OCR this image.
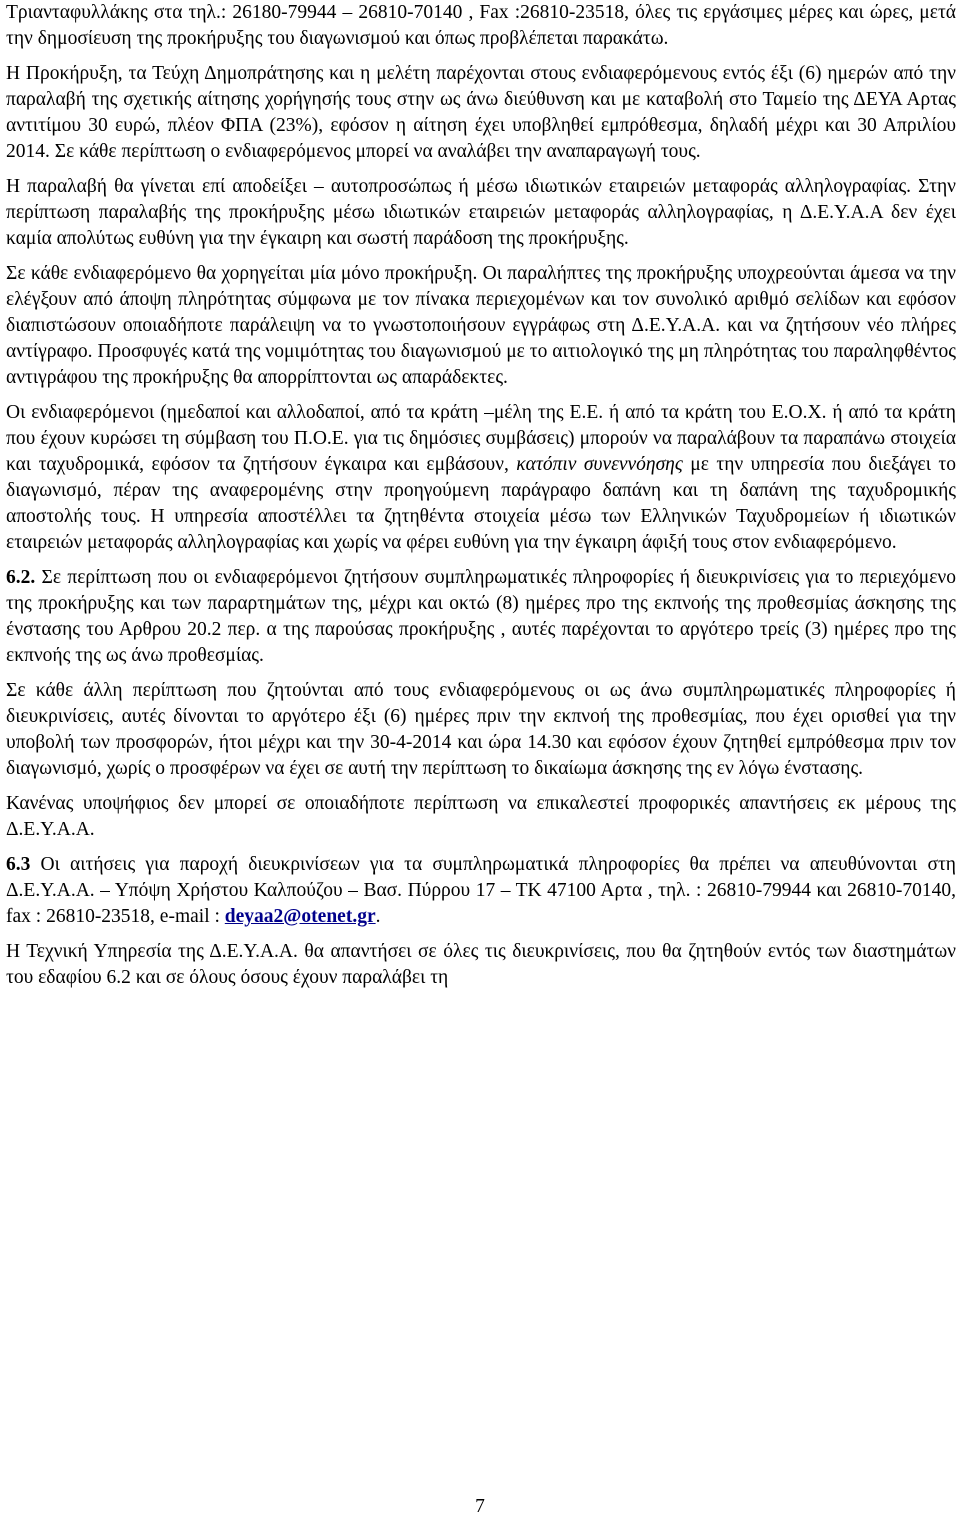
Τριανταφυλλάκης στα τηλ.: 26180-79944 – 26810-70140 , Fax :26810-23518, όλες τις εργάσιμες μέρες και ώρες, μετά την δημοσίευση της προκήρυξης του διαγωνισμού και όπως προβλέπεται παρακάτω.

Η Προκήρυξη, τα Τεύχη Δημοπράτησης και η μελέτη παρέχονται στους ενδιαφερόμενους εντός έξι (6) ημερών από την παραλαβή της σχετικής αίτησης χορήγησής τους στην ως άνω διεύθυνση και με καταβολή στο Ταμείο της ΔΕΥΑ Αρτας αντιτίμου 30 ευρώ, πλέον ΦΠΑ (23%), εφόσον η αίτηση έχει υποβληθεί εμπρόθεσμα, δηλαδή μέχρι και 30 Απριλίου 2014. Σε κάθε περίπτωση ο ενδιαφερόμενος μπορεί να αναλάβει την αναπαραγωγή τους.

Η παραλαβή θα γίνεται επί αποδείξει – αυτοπροσώπως ή μέσω ιδιωτικών εταιρειών μεταφοράς αλληλογραφίας. Στην περίπτωση παραλαβής της προκήρυξης μέσω ιδιωτικών εταιρειών μεταφοράς αλληλογραφίας, η Δ.Ε.Υ.Α.Α δεν έχει καμία απολύτως ευθύνη για την έγκαιρη και σωστή παράδοση της προκήρυξης.

Σε κάθε ενδιαφερόμενο θα χορηγείται μία μόνο προκήρυξη. Οι παραλήπτες της προκήρυξης υποχρεούνται άμεσα να την ελέγξουν από άποψη πληρότητας σύμφωνα με τον πίνακα περιεχομένων και τον συνολικό αριθμό σελίδων και εφόσον διαπιστώσουν οποιαδήποτε παράλειψη να το γνωστοποιήσουν εγγράφως στη Δ.Ε.Υ.Α.Α. και να ζητήσουν νέο πλήρες αντίγραφο. Προσφυγές κατά της νομιμότητας του διαγωνισμού με το αιτιολογικό της μη πληρότητας του παραληφθέντος αντιγράφου της προκήρυξης θα απορρίπτονται ως απαράδεκτες.

Οι ενδιαφερόμενοι (ημεδαποί και αλλοδαποί, από τα κράτη –μέλη της Ε.Ε. ή από τα κράτη του Ε.Ο.Χ. ή από τα κράτη που έχουν κυρώσει τη σύμβαση του Π.Ο.Ε. για τις δημόσιες συμβάσεις) μπορούν να παραλάβουν τα παραπάνω στοιχεία και ταχυδρομικά, εφόσον τα ζητήσουν έγκαιρα και εμβάσουν, κατόπιν συνεννόησης με την υπηρεσία που διεξάγει το διαγωνισμό, πέραν της αναφερομένης στην προηγούμενη παράγραφο δαπάνη και τη δαπάνη της ταχυδρομικής αποστολής τους. Η υπηρεσία αποστέλλει τα ζητηθέντα στοιχεία μέσω των Ελληνικών Ταχυδρομείων ή ιδιωτικών εταιρειών μεταφοράς αλληλογραφίας και χωρίς να φέρει ευθύνη για την έγκαιρη άφιξή τους στον ενδιαφερόμενο.

6.2. Σε περίπτωση που οι ενδιαφερόμενοι ζητήσουν συμπληρωματικές πληροφορίες ή διευκρινίσεις για το περιεχόμενο της προκήρυξης και των παραρτημάτων της, μέχρι και οκτώ (8) ημέρες προ της εκπνοής της προθεσμίας άσκησης της ένστασης του Αρθρου 20.2 περ. α της παρούσας προκήρυξης , αυτές παρέχονται το αργότερο τρείς (3) ημέρες προ της εκπνοής της ως άνω προθεσμίας.

Σε κάθε άλλη περίπτωση που ζητούνται από τους ενδιαφερόμενους οι ως άνω συμπληρωματικές πληροφορίες ή διευκρινίσεις, αυτές δίνονται το αργότερο έξι (6) ημέρες πριν την εκπνοή της προθεσμίας, που έχει ορισθεί για την υποβολή των προσφορών, ήτοι μέχρι και την 30-4-2014 και ώρα 14.30 και εφόσον έχουν ζητηθεί εμπρόθεσμα πριν τον διαγωνισμό, χωρίς ο προσφέρων να έχει σε αυτή την περίπτωση το δικαίωμα άσκησης της εν λόγω ένστασης.

Κανένας υποψήφιος δεν μπορεί σε οποιαδήποτε περίπτωση να επικαλεστεί προφορικές απαντήσεις εκ μέρους της Δ.Ε.Υ.Α.Α.

6.3 Οι αιτήσεις για παροχή διευκρινίσεων για τα συμπληρωματικά πληροφορίες θα πρέπει να απευθύνονται στη Δ.Ε.Υ.Α.Α. – Υπόψη Χρήστου Καλπούζου – Βασ. Πύρρου 17 – ΤΚ 47100 Αρτα , τηλ. : 26810-79944 και 26810-70140, fax : 26810-23518, e-mail : deyaa2@otenet.gr.

Η Τεχνική Υπηρεσία της Δ.Ε.Υ.Α.Α. θα απαντήσει σε όλες τις διευκρινίσεις, που θα ζητηθούν εντός των διαστημάτων του εδαφίου 6.2 και σε όλους όσους έχουν παραλάβει τη

7
